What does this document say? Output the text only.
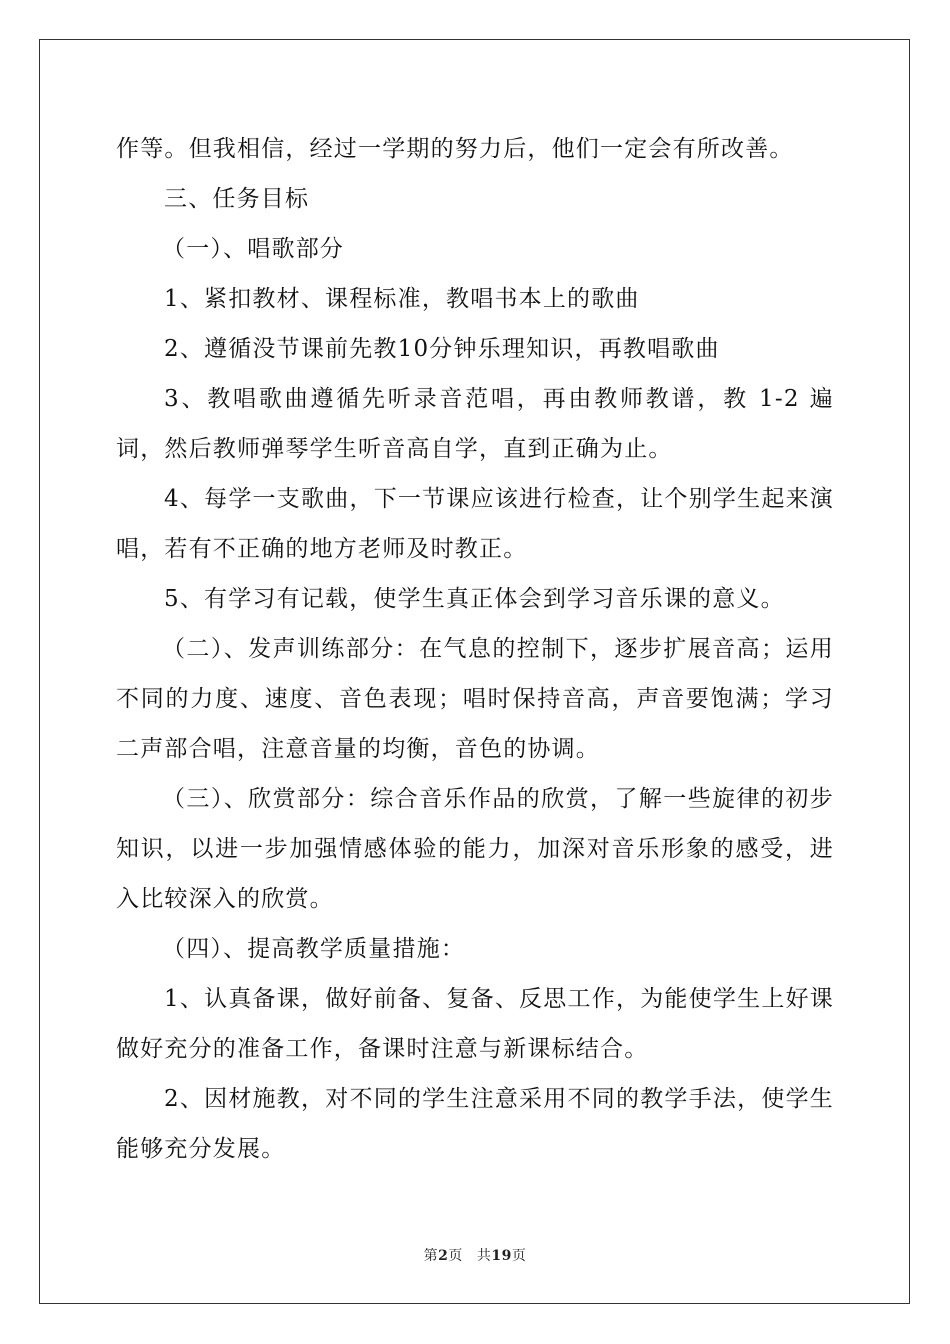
作等。但我相信，经过一学期的努力后，他们一定会有所改善。

三、任务目标

（一）、唱歌部分

1、紧扣教材、课程标准，教唱书本上的歌曲

2、遵循没节课前先教10分钟乐理知识，再教唱歌曲

3、教唱歌曲遵循先听录音范唱，再由教师教谱，教 1-2 遍词，然后教师弹琴学生听音高自学，直到正确为止。

4、每学一支歌曲，下一节课应该进行检查，让个别学生起来演唱，若有不正确的地方老师及时教正。

5、有学习有记载，使学生真正体会到学习音乐课的意义。

（二）、发声训练部分：在气息的控制下，逐步扩展音高；运用不同的力度、速度、音色表现；唱时保持音高，声音要饱满；学习二声部合唱，注意音量的均衡，音色的协调。

（三）、欣赏部分：综合音乐作品的欣赏，了解一些旋律的初步知识，以进一步加强情感体验的能力，加深对音乐形象的感受，进入比较深入的欣赏。

（四）、提高教学质量措施：

1、认真备课，做好前备、复备、反思工作，为能使学生上好课做好充分的准备工作，备课时注意与新课标结合。

2、因材施教，对不同的学生注意采用不同的教学手法，使学生能够充分发展。

第2页 共19页
